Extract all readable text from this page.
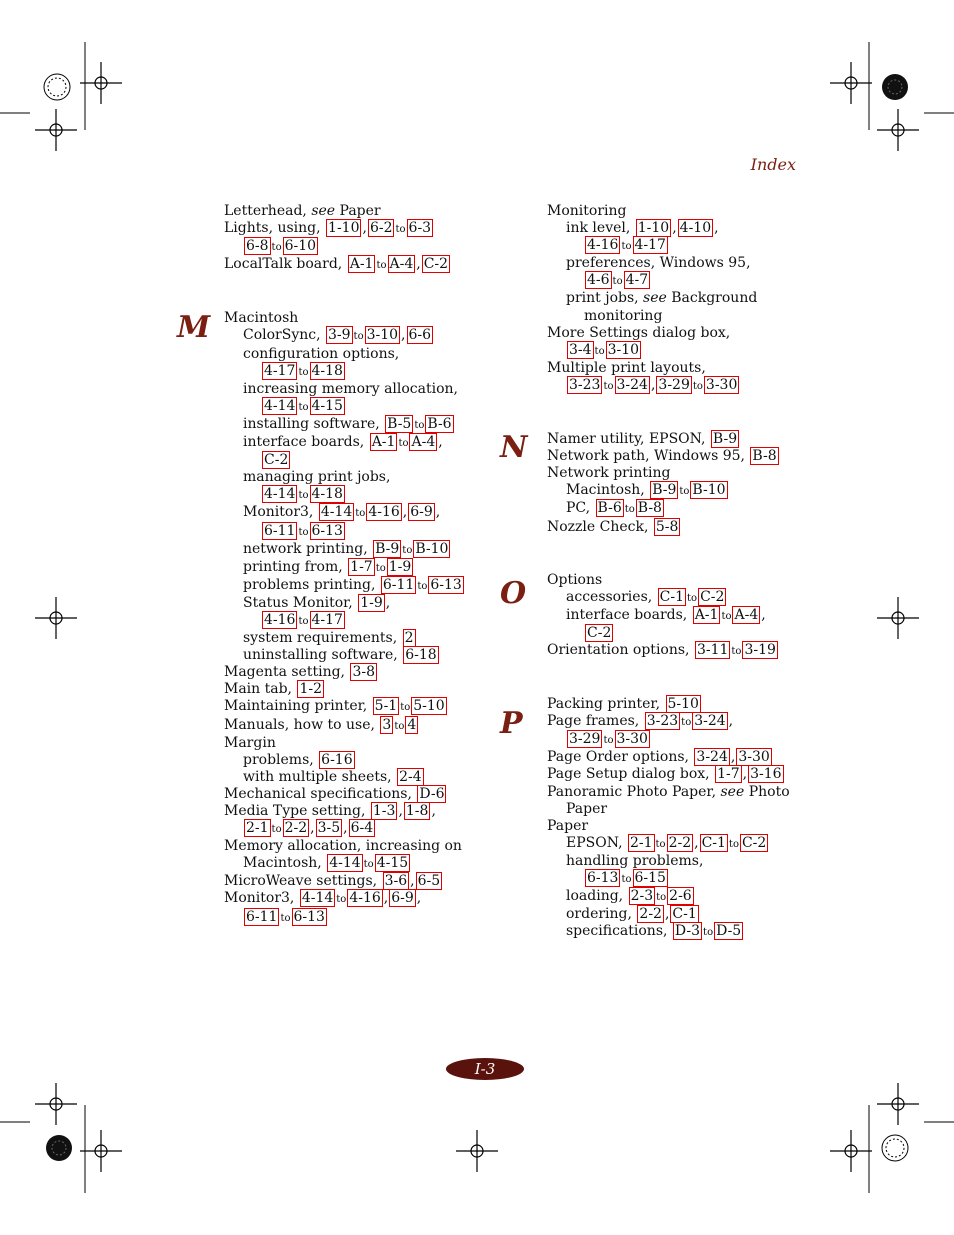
Index
M
N
O
P
Letterhead, see Paper
Lights, using, 1-10 , 6-2 to 6-3
6-8 to 6-10
LocalTalk board, A-1 to A-4 , C-2
Macintosh
ColorSync, 3-9 to 3-10 , 6-6
configuration options,
4-17 to 4-18
increasing memory allocation,
4-14 to 4-15
installing software, B-5 to B-6
interface boards, A-1 to A-4 ,
C-2
managing print jobs,
4-14 to 4-18
Monitor3, 4-14 to 4-16 , 6-9 ,
6-11 to 6-13
network printing, B-9 to B-10
printing from, 1-7 to 1-9
problems printing, 6-11 to 6-13
Status Monitor, 1-9 ,
4-16 to 4-17
system requirements, 2
uninstalling software, 6-18
Magenta setting, 3-8
Main tab, 1-2
Maintaining printer, 5-1 to 5-10
Manuals, how to use, 3 to 4
Margin
problems, 6-16
with multiple sheets, 2-4
Mechanical specifications, D-6
Media Type setting, 1-3 , 1-8 ,
2-1 to 2-2 , 3-5 , 6-4
Memory allocation, increasing on
Macintosh, 4-14 to 4-15
MicroWeave settings, 3-6 , 6-5
Monitor3, 4-14 to 4-16 , 6-9 ,
6-11 to 6-13
Monitoring
ink level, 1-10 , 4-10 ,
4-16 to 4-17
preferences, Windows 95,
4-6 to 4-7
print jobs, see Background
monitoring
More Settings dialog box,
3-4 to 3-10
Multiple print layouts,
3-23 to 3-24 , 3-29 to 3-30
Namer utility, EPSON, B-9
Network path, Windows 95, B-8
Network printing
Macintosh, B-9 to B-10
PC, B-6 to B-8
Nozzle Check, 5-8
Options
accessories, C-1 to C-2
interface boards, A-1 to A-4 ,
C-2
Orientation options, 3-11 to 3-19
Packing printer, 5-10
Page frames, 3-23 to 3-24 ,
3-29 to 3-30
Page Order options, 3-24 , 3-30
Page Setup dialog box, 1-7 , 3-16
Panoramic Photo Paper, see Photo
Paper
Paper
EPSON, 2-1 to 2-2 , C-1 to C-2
handling problems,
6-13 to 6-15
loading, 2-3 to 2-6
ordering, 2-2 , C-1
specifications, D-3 to D-5
I-3
